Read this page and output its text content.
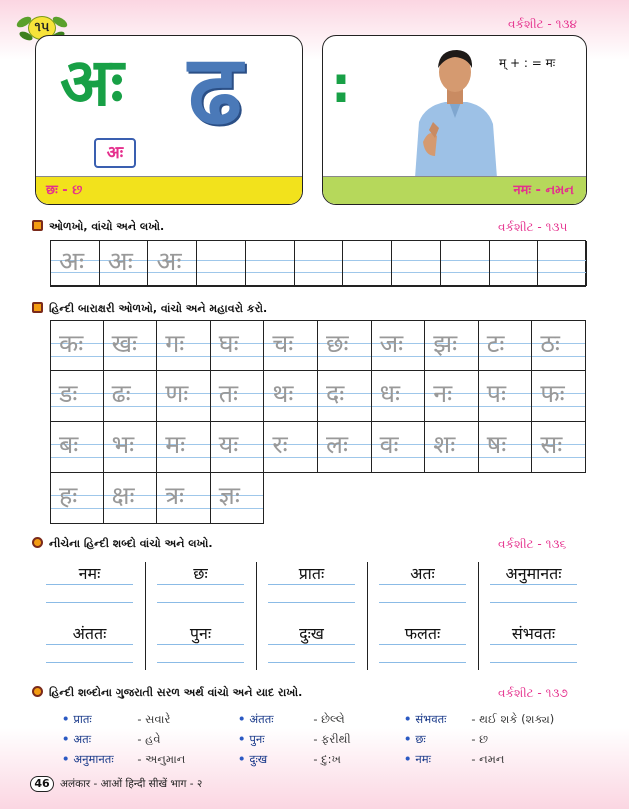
૧૫	વર્કશીટ - ૧૩૪
अः ढ
अः
छः - છ
:	म् + : = मः
नमः - નમન
ઓળખો, વાંચો અને લખો.	વર્કશીટ - ૧૩૫
अः अः अः
હિન્દી બારાક્ષરી ઓળખો, વાંચો અને મહાવરો કરો.
कः	खः	गः	घः	चः	छः	जः	झः	टः	ठः
डः	ढः	णः	तः	थः	दः	धः	नः	पः	फः
बः	भः	मः	यः	रः	लः	वः	शः	षः	सः
हः	क्षः	त्रः	ज्ञः
નીચેના હિન્દી શબ્દો વાંચો અને લખો.	વર્કશીટ - ૧૩૬
नमः	छः	प्रातः	अतः	अनुमानतः
अंततः	पुनः	दुःख	फलतः	संभवतः
હિન્દી શબ્દોના ગુજરાતી સરળ અર્થ વાંચો અને યાદ રાખો.	વર્કશીટ - ૧૩૭
• प्रातः	- સવારે
• अतः	- હવે
• अनुमानतः - અનુમાન
• अंततः	- છેલ્લે
• पुनः	- ફરીથી
• दुःख	- દુ:ખ
• संभवतः - થઈ શકે (શક્ય)
• छः	- છ
• नमः	- નમન
46 अलंकार - आओं हिन्दी सीखें भाग - २
